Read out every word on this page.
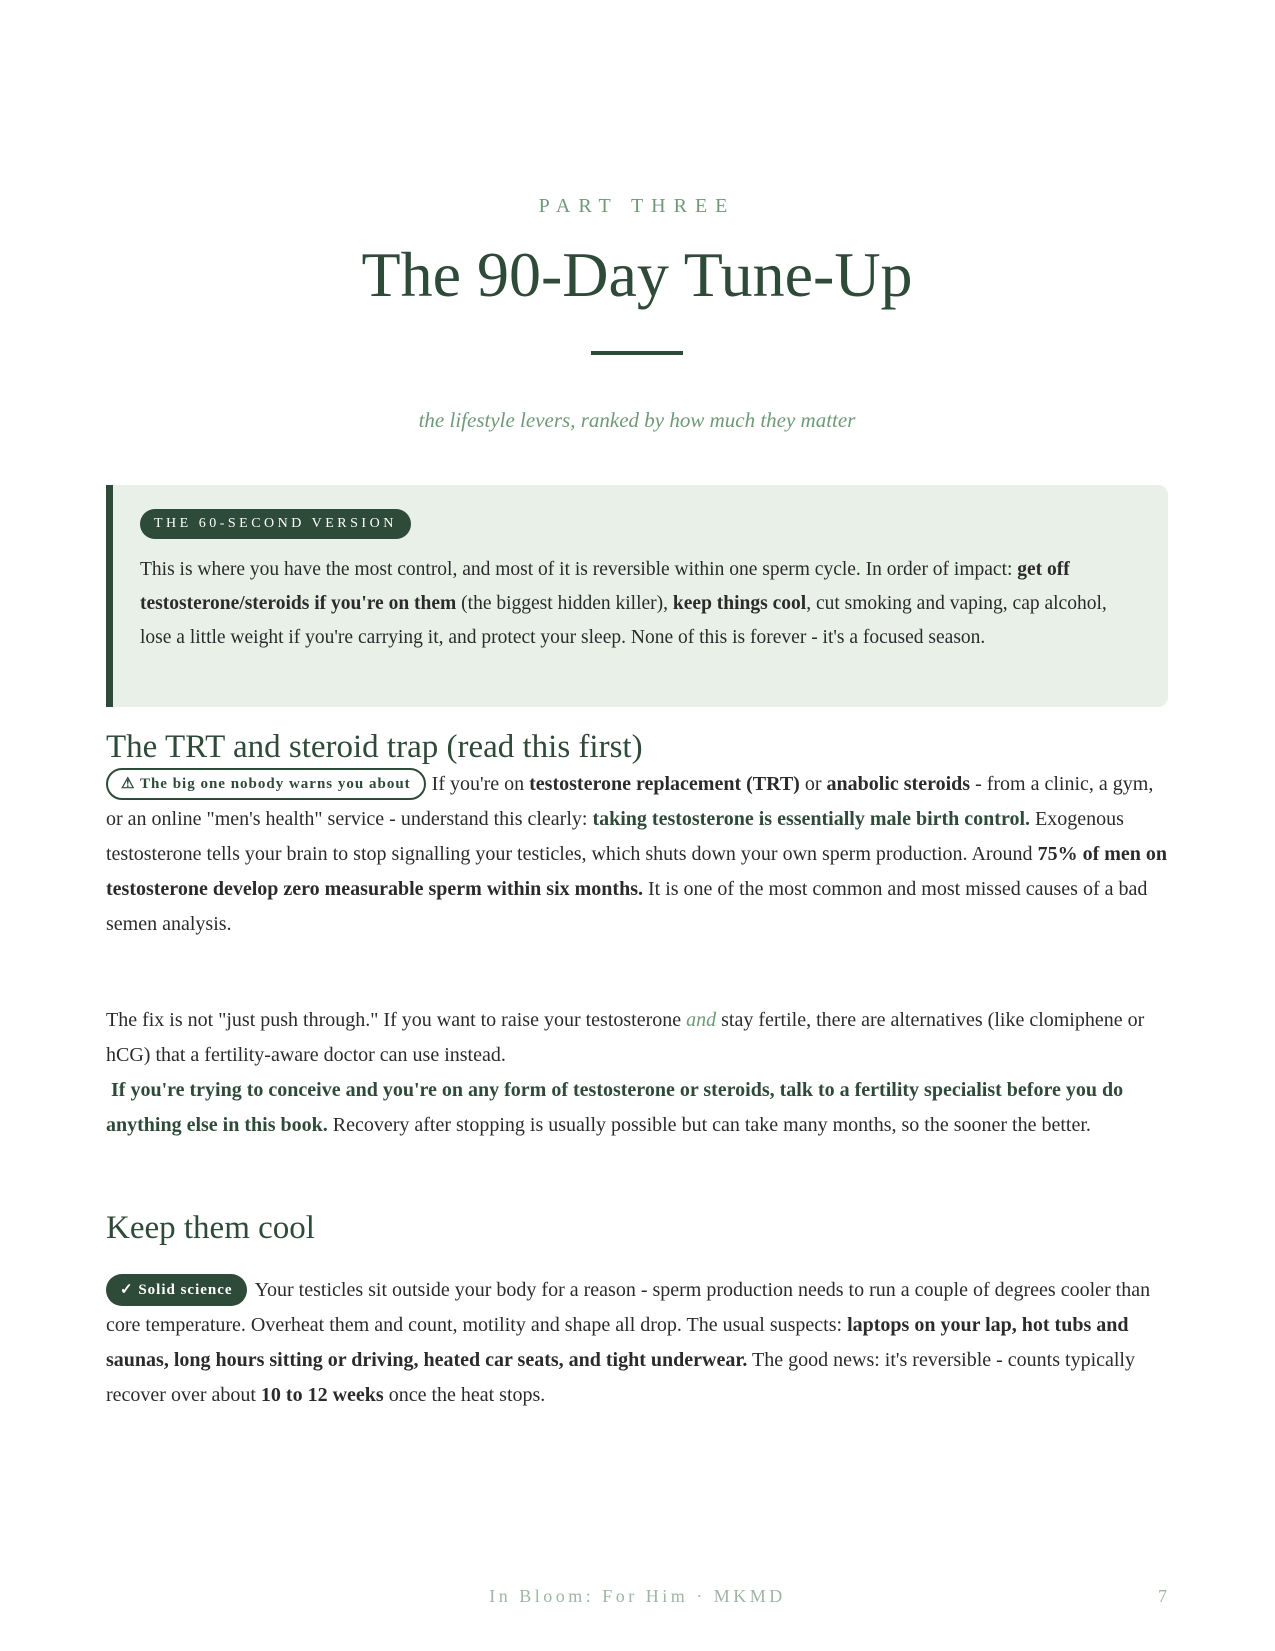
PART THREE

The 90-Day Tune-Up

the lifestyle levers, ranked by how much they matter

THE 60-SECOND VERSION

This is where you have the most control, and most of it is reversible within one sperm cycle. In order of impact: get off testosterone/steroids if you're on them (the biggest hidden killer), keep things cool, cut smoking and vaping, cap alcohol, lose a little weight if you're carrying it, and protect your sleep. None of this is forever - it's a focused season.

The TRT and steroid trap (read this first)

⚠ The big one nobody warns you about If you're on testosterone replacement (TRT) or anabolic steroids - from a clinic, a gym, or an online "men's health" service - understand this clearly: taking testosterone is essentially male birth control. Exogenous testosterone tells your brain to stop signalling your testicles, which shuts down your own sperm production. Around 75% of men on testosterone develop zero measurable sperm within six months. It is one of the most common and most missed causes of a bad semen analysis.

The fix is not "just push through." If you want to raise your testosterone and stay fertile, there are alternatives (like clomiphene or hCG) that a fertility-aware doctor can use instead.
If you're trying to conceive and you're on any form of testosterone or steroids, talk to a fertility specialist before you do anything else in this book. Recovery after stopping is usually possible but can take many months, so the sooner the better.

Keep them cool

✓ Solid science Your testicles sit outside your body for a reason - sperm production needs to run a couple of degrees cooler than core temperature. Overheat them and count, motility and shape all drop. The usual suspects: laptops on your lap, hot tubs and saunas, long hours sitting or driving, heated car seats, and tight underwear. The good news: it's reversible - counts typically recover over about 10 to 12 weeks once the heat stops.

In Bloom: For Him · MKMD	7
